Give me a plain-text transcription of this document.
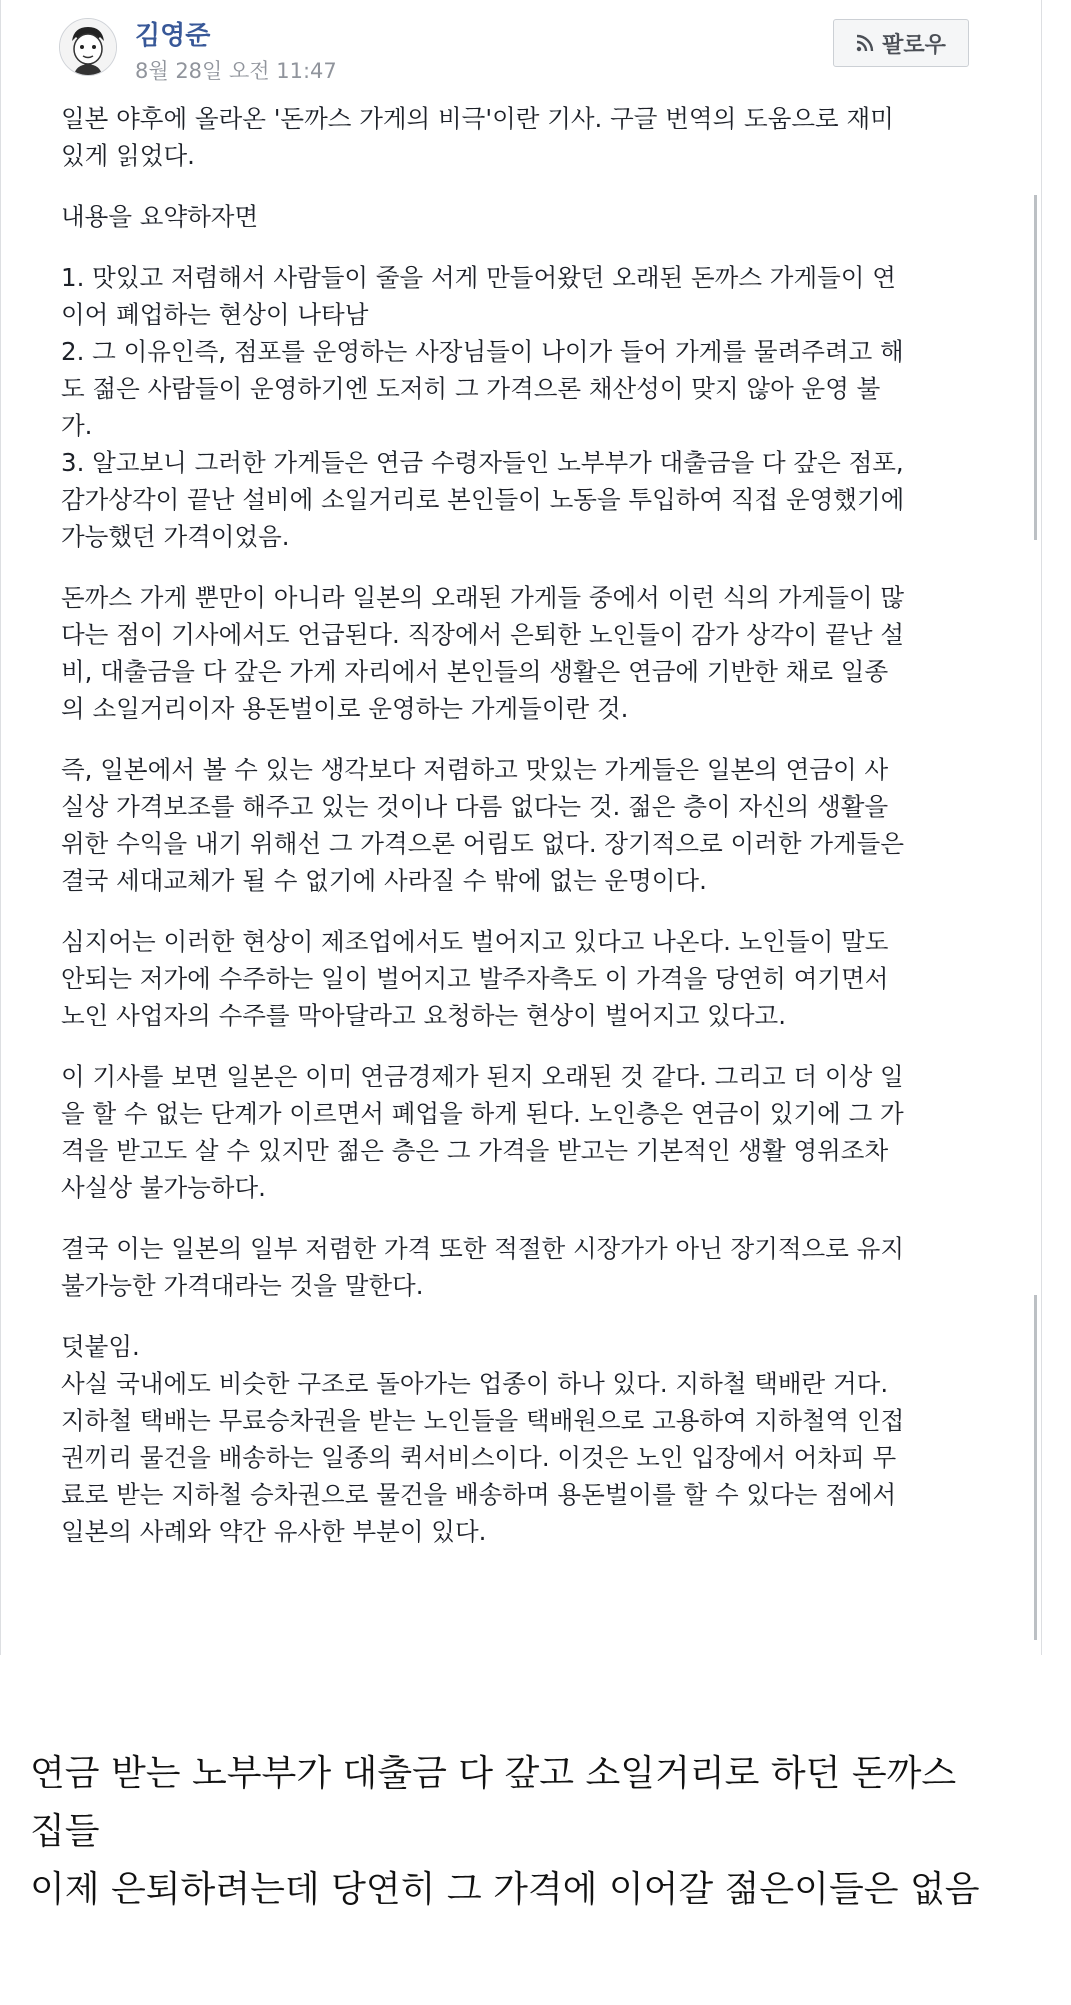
김영준
8월 28일 오전 11:47
팔로우

일본 야후에 올라온 '돈까스 가게의 비극'이란 기사. 구글 번역의 도움으로 재미
있게 읽었다.

내용을 요약하자면

1. 맛있고 저렴해서 사람들이 줄을 서게 만들어왔던 오래된 돈까스 가게들이 연
이어 폐업하는 현상이 나타남
2. 그 이유인즉, 점포를 운영하는 사장님들이 나이가 들어 가게를 물려주려고 해
도 젊은 사람들이 운영하기엔 도저히 그 가격으론 채산성이 맞지 않아 운영 불
가.
3. 알고보니 그러한 가게들은 연금 수령자들인 노부부가 대출금을 다 갚은 점포,
감가상각이 끝난 설비에 소일거리로 본인들이 노동을 투입하여 직접 운영했기에
가능했던 가격이었음.

돈까스 가게 뿐만이 아니라 일본의 오래된 가게들 중에서 이런 식의 가게들이 많
다는 점이 기사에서도 언급된다. 직장에서 은퇴한 노인들이 감가 상각이 끝난 설
비, 대출금을 다 갚은 가게 자리에서 본인들의 생활은 연금에 기반한 채로 일종
의 소일거리이자 용돈벌이로 운영하는 가게들이란 것.

즉, 일본에서 볼 수 있는 생각보다 저렴하고 맛있는 가게들은 일본의 연금이 사
실상 가격보조를 해주고 있는 것이나 다름 없다는 것. 젊은 층이 자신의 생활을
위한 수익을 내기 위해선 그 가격으론 어림도 없다. 장기적으로 이러한 가게들은
결국 세대교체가 될 수 없기에 사라질 수 밖에 없는 운명이다.

심지어는 이러한 현상이 제조업에서도 벌어지고 있다고 나온다. 노인들이 말도
안되는 저가에 수주하는 일이 벌어지고 발주자측도 이 가격을 당연히 여기면서
노인 사업자의 수주를 막아달라고 요청하는 현상이 벌어지고 있다고.

이 기사를 보면 일본은 이미 연금경제가 된지 오래된 것 같다. 그리고 더 이상 일
을 할 수 없는 단계가 이르면서 폐업을 하게 된다. 노인층은 연금이 있기에 그 가
격을 받고도 살 수 있지만 젊은 층은 그 가격을 받고는 기본적인 생활 영위조차
사실상 불가능하다.

결국 이는 일본의 일부 저렴한 가격 또한 적절한 시장가가 아닌 장기적으로 유지
불가능한 가격대라는 것을 말한다.

덧붙임.
사실 국내에도 비슷한 구조로 돌아가는 업종이 하나 있다. 지하철 택배란 거다.
지하철 택배는 무료승차권을 받는 노인들을 택배원으로 고용하여 지하철역 인접
권끼리 물건을 배송하는 일종의 퀵서비스이다. 이것은 노인 입장에서 어차피 무
료로 받는 지하철 승차권으로 물건을 배송하며 용돈벌이를 할 수 있다는 점에서
일본의 사례와 약간 유사한 부분이 있다.

연금 받는 노부부가 대출금 다 갚고 소일거리로 하던 돈까스
집들
이제 은퇴하려는데 당연히 그 가격에 이어갈 젊은이들은 없음
